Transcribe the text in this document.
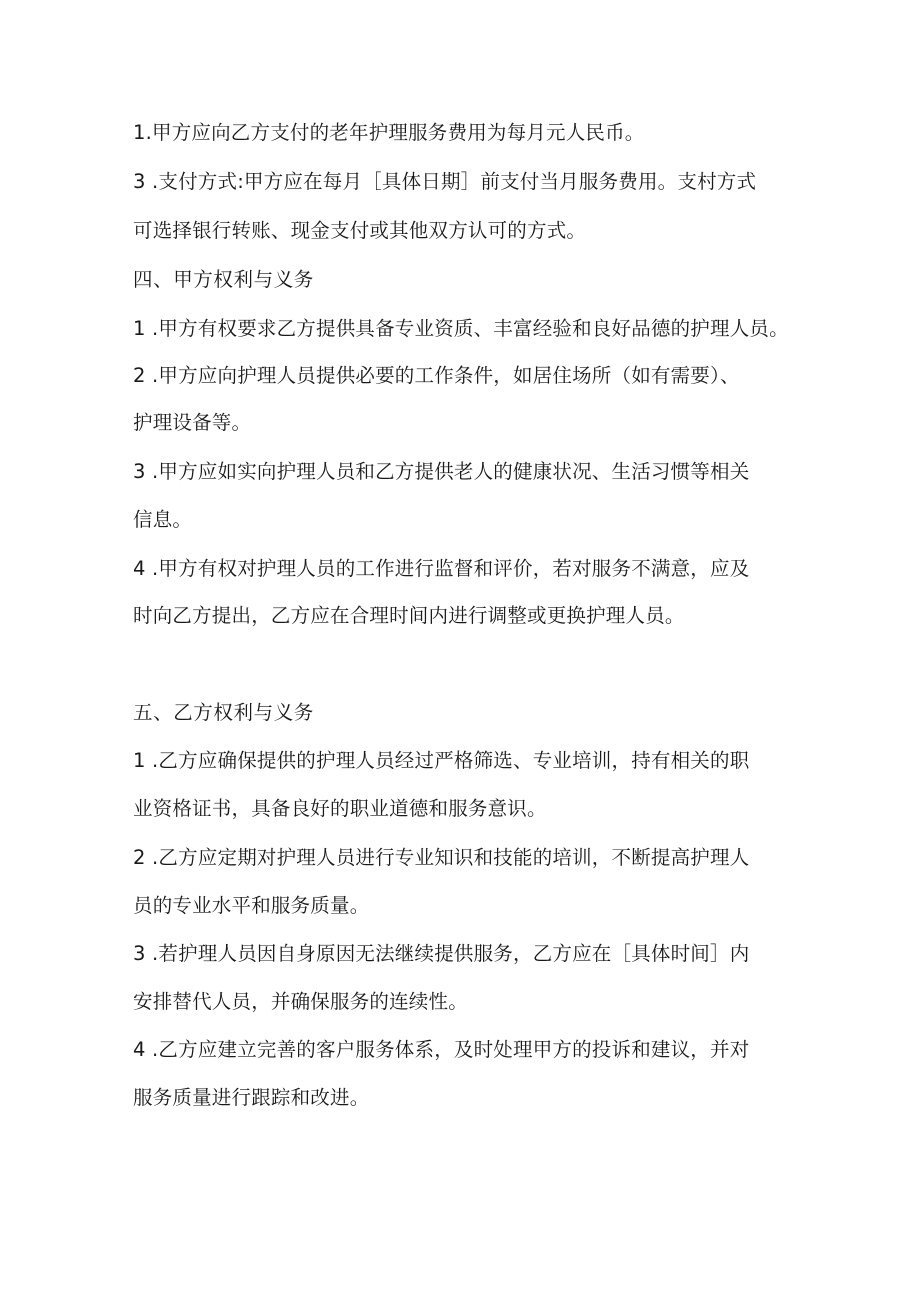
1.甲方应向乙方支付的老年护理服务费用为每月元人民币。

3 .支付方式:甲方应在每月［具体日期］前支付当月服务费用。支村方式

可选择银行转账、现金支付或其他双方认可的方式。

四、甲方权利与义务

1 .甲方有权要求乙方提供具备专业资质、丰富经验和良好品德的护理人员。

2 .甲方应向护理人员提供必要的工作条件，如居住场所（如有需要）、

护理设备等。

3 .甲方应如实向护理人员和乙方提供老人的健康状况、生活习惯等相关

信息。

4 .甲方有权对护理人员的工作进行监督和评价，若对服务不满意，应及

时向乙方提出，乙方应在合理时间内进行调整或更换护理人员。

五、乙方权利与义务

1 .乙方应确保提供的护理人员经过严格筛选、专业培训，持有相关的职

业资格证书，具备良好的职业道德和服务意识。

2 .乙方应定期对护理人员进行专业知识和技能的培训，不断提高护理人

员的专业水平和服务质量。

3 .若护理人员因自身原因无法继续提供服务，乙方应在［具体时间］内

安排替代人员，并确保服务的连续性。

4 .乙方应建立完善的客户服务体系，及时处理甲方的投诉和建议，并对

服务质量进行跟踪和改进。
